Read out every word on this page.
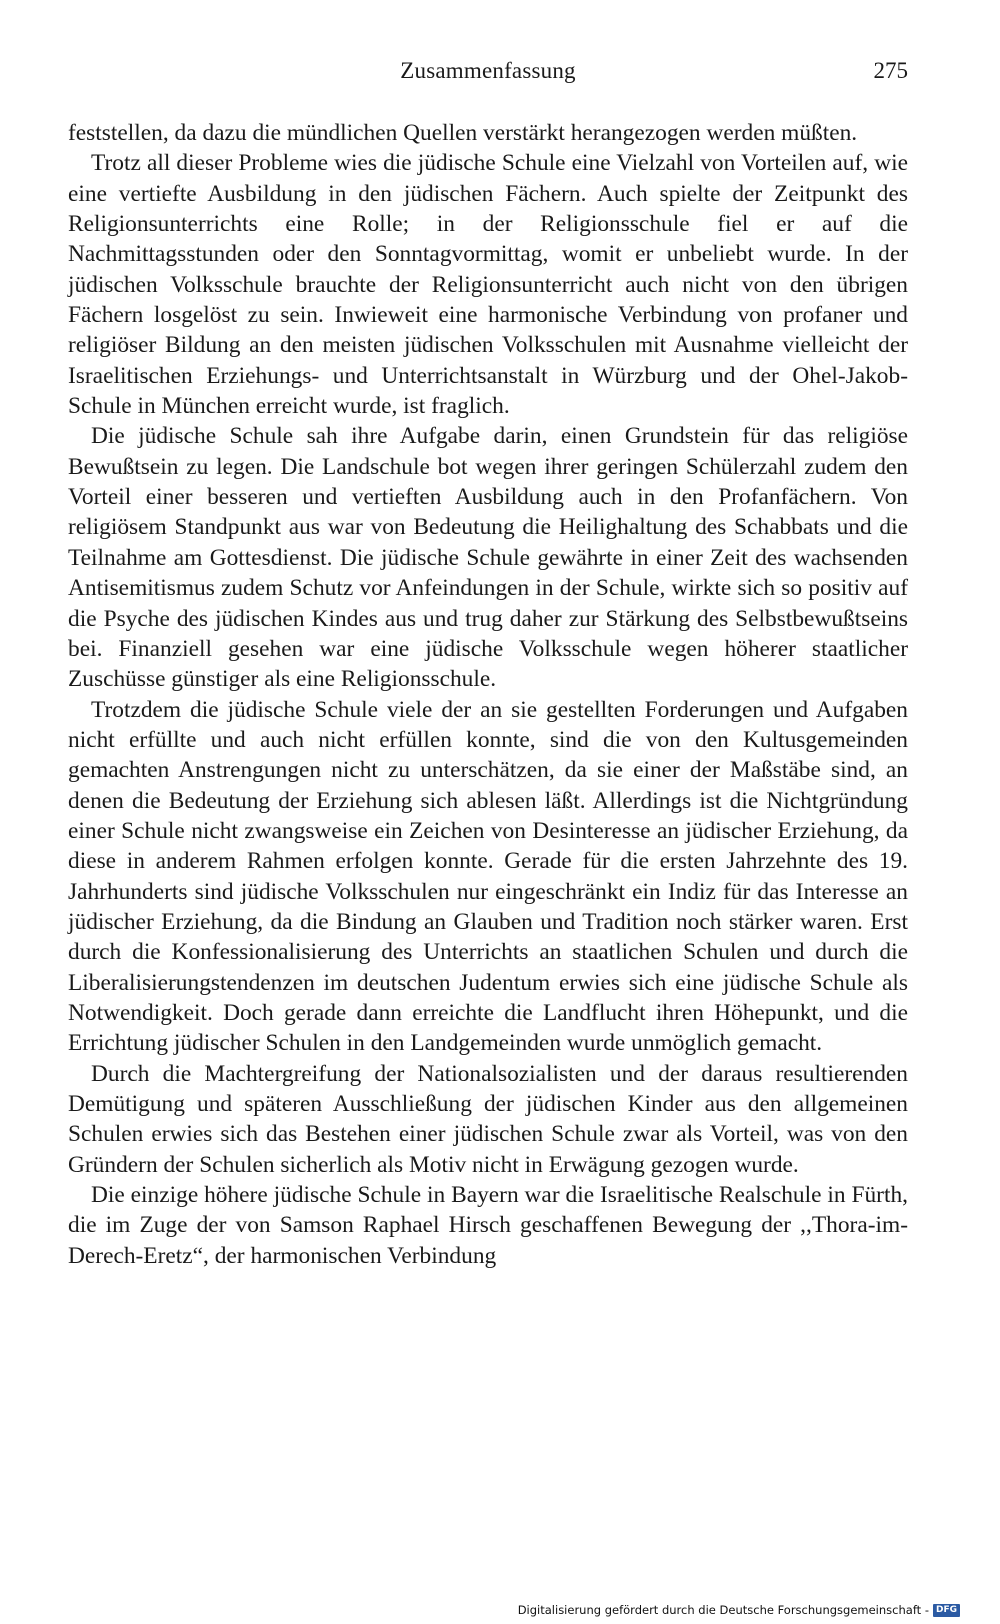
Zusammenfassung	275

feststellen, da dazu die mündlichen Quellen verstärkt herangezogen werden müßten.

Trotz all dieser Probleme wies die jüdische Schule eine Vielzahl von Vorteilen auf, wie eine vertiefte Ausbildung in den jüdischen Fächern. Auch spielte der Zeitpunkt des Religionsunterrichts eine Rolle; in der Religionsschule fiel er auf die Nachmittagsstunden oder den Sonntagvormittag, womit er unbeliebt wurde. In der jüdischen Volksschule brauchte der Religionsunterricht auch nicht von den übrigen Fächern losgelöst zu sein. Inwieweit eine harmonische Verbindung von profaner und religiöser Bildung an den meisten jüdischen Volksschulen mit Ausnahme vielleicht der Israelitischen Erziehungs- und Unterrichtsanstalt in Würzburg und der Ohel-Jakob-Schule in München erreicht wurde, ist fraglich.

Die jüdische Schule sah ihre Aufgabe darin, einen Grundstein für das religiöse Bewußtsein zu legen. Die Landschule bot wegen ihrer geringen Schülerzahl zudem den Vorteil einer besseren und vertieften Ausbildung auch in den Profanfächern. Von religiösem Standpunkt aus war von Bedeutung die Heilighaltung des Schabbats und die Teilnahme am Gottesdienst. Die jüdische Schule gewährte in einer Zeit des wachsenden Antisemitismus zudem Schutz vor Anfeindungen in der Schule, wirkte sich so positiv auf die Psyche des jüdischen Kindes aus und trug daher zur Stärkung des Selbstbewußtseins bei. Finanziell gesehen war eine jüdische Volksschule wegen höherer staatlicher Zuschüsse günstiger als eine Religionsschule.

Trotzdem die jüdische Schule viele der an sie gestellten Forderungen und Aufgaben nicht erfüllte und auch nicht erfüllen konnte, sind die von den Kultusgemeinden gemachten Anstrengungen nicht zu unterschätzen, da sie einer der Maßstäbe sind, an denen die Bedeutung der Erziehung sich ablesen läßt. Allerdings ist die Nichtgründung einer Schule nicht zwangsweise ein Zeichen von Desinteresse an jüdischer Erziehung, da diese in anderem Rahmen erfolgen konnte. Gerade für die ersten Jahrzehnte des 19. Jahrhunderts sind jüdische Volksschulen nur eingeschränkt ein Indiz für das Interesse an jüdischer Erziehung, da die Bindung an Glauben und Tradition noch stärker waren. Erst durch die Konfessionalisierung des Unterrichts an staatlichen Schulen und durch die Liberalisierungstendenzen im deutschen Judentum erwies sich eine jüdische Schule als Notwendigkeit. Doch gerade dann erreichte die Landflucht ihren Höhepunkt, und die Errichtung jüdischer Schulen in den Landgemeinden wurde unmöglich gemacht.

Durch die Machtergreifung der Nationalsozialisten und der daraus resultierenden Demütigung und späteren Ausschließung der jüdischen Kinder aus den allgemeinen Schulen erwies sich das Bestehen einer jüdischen Schule zwar als Vorteil, was von den Gründern der Schulen sicherlich als Motiv nicht in Erwägung gezogen wurde.

Die einzige höhere jüdische Schule in Bayern war die Israelitische Realschule in Fürth, die im Zuge der von Samson Raphael Hirsch geschaffenen Bewegung der ,,Thora-im-Derech-Eretz“, der harmonischen Verbindung

Digitalisierung gefördert durch die Deutsche Forschungsgemeinschaft - DFG
